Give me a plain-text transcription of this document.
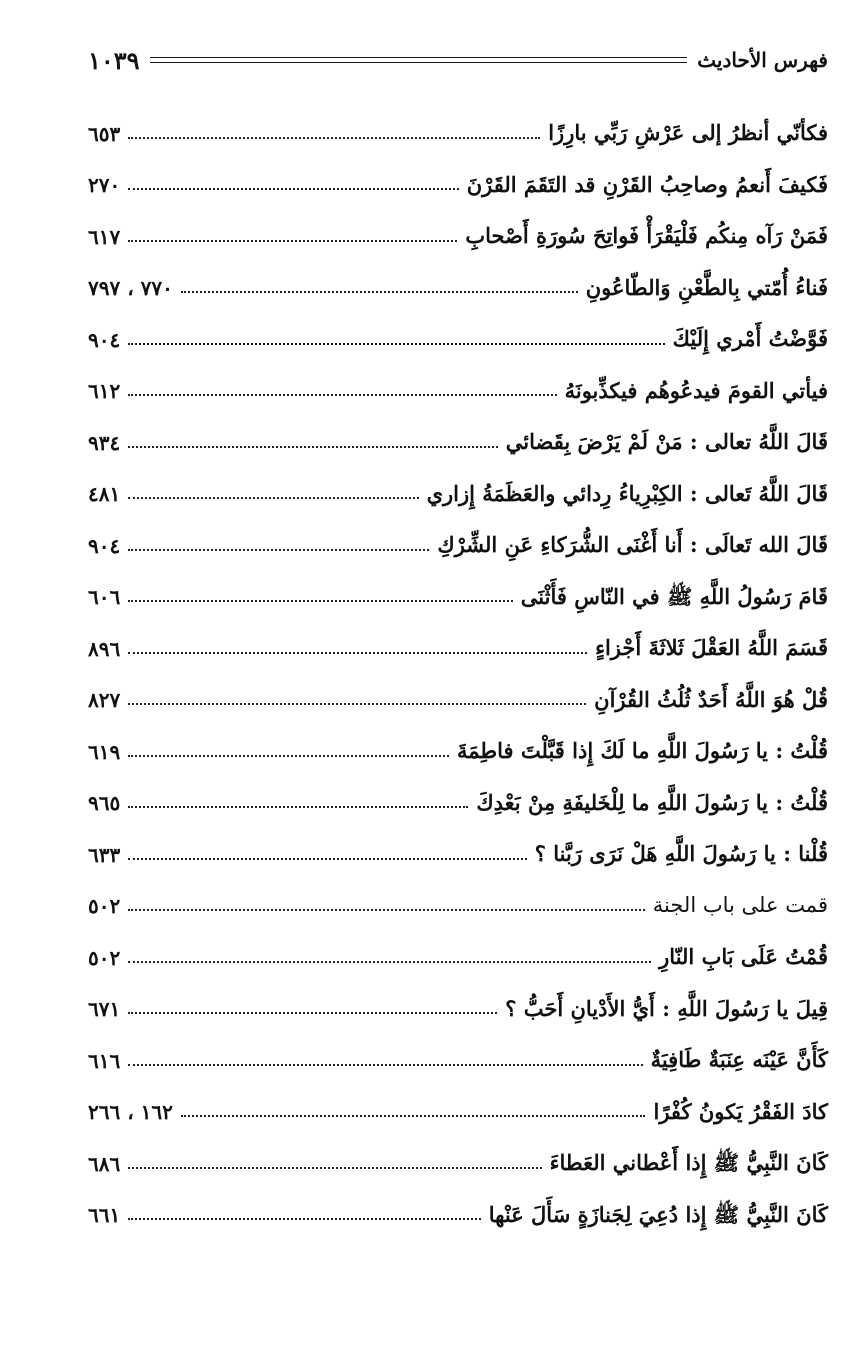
فهرس الأحاديث
١٠٣٩
فكأنّي أنظرُ إلى عَرْشِ رَبِّي بارِزًا
٦٥٣
فَكيفَ أَنعمُ وصاحِبُ القَرْنِ قد التَقَمَ القَرْنَ
٢٧٠
فَمَنْ رَآه مِنكُم فَلْيَقْرَأْ فَواتِحَ سُورَةِ أَصْحابِ
٦١٧
فَناءُ أُمّتي بِالطَّعْنِ وَالطّاعُونِ
٧٧٠ ، ٧٩٧
فَوَّضْتُ أَمْري إِلَيْكَ
٩٠٤
فيأتي القومَ فيدعُوهُم فيكذِّبونَهُ
٦١٢
قَالَ اللَّهُ تعالى : مَنْ لَمْ يَرْضَ بِقَضائي
٩٣٤
قَالَ اللَّهُ تَعالى : الكِبْرِياءُ رِدائي والعَظَمَةُ إِزاري
٤٨١
قَالَ الله تَعالَى : أَنا أَغْنَى الشُّرَكاءِ عَنِ الشِّرْكِ
٩٠٤
قَامَ رَسُولُ اللَّهِ ﷺ في النّاسِ فَأَثْنَى
٦٠٦
قَسَمَ اللَّهُ العَقْلَ ثَلاثَةَ أَجْزاءٍ
٨٩٦
قُلْ هُوَ اللَّهُ أَحَدٌ ثُلُثُ القُرْآنِ
٨٢٧
قُلْتُ : يا رَسُولَ اللَّهِ ما لَكَ إِذا قَبَّلْتَ فاطِمَةَ
٦١٩
قُلْتُ : يا رَسُولَ اللَّهِ ما لِلْخَليفَةِ مِنْ بَعْدِكَ
٩٦٥
قُلْنا : يا رَسُولَ اللَّهِ هَلْ نَرَى رَبَّنا ؟
٦٣٣
قمت على باب الجنة
٥٠٢
قُمْتُ عَلَى بَابِ النّارِ
٥٠٢
قِيلَ يا رَسُولَ اللَّهِ : أَيُّ الأَدْيانِ أَحَبُّ ؟
٦٧١
كَأَنَّ عَيْنَه عِنَبَةٌ طَافِيَةٌ
٦١٦
كادَ الفَقْرُ يَكونُ كُفْرًا
١٦٢ ، ٢٦٦
كَانَ النَّبِيُّ ﷺ إِذا أَعْطاني العَطاءَ
٦٨٦
كَانَ النَّبِيُّ ﷺ إِذا دُعِيَ لِجَنازَةٍ سَأَلَ عَنْها
٦٦١
